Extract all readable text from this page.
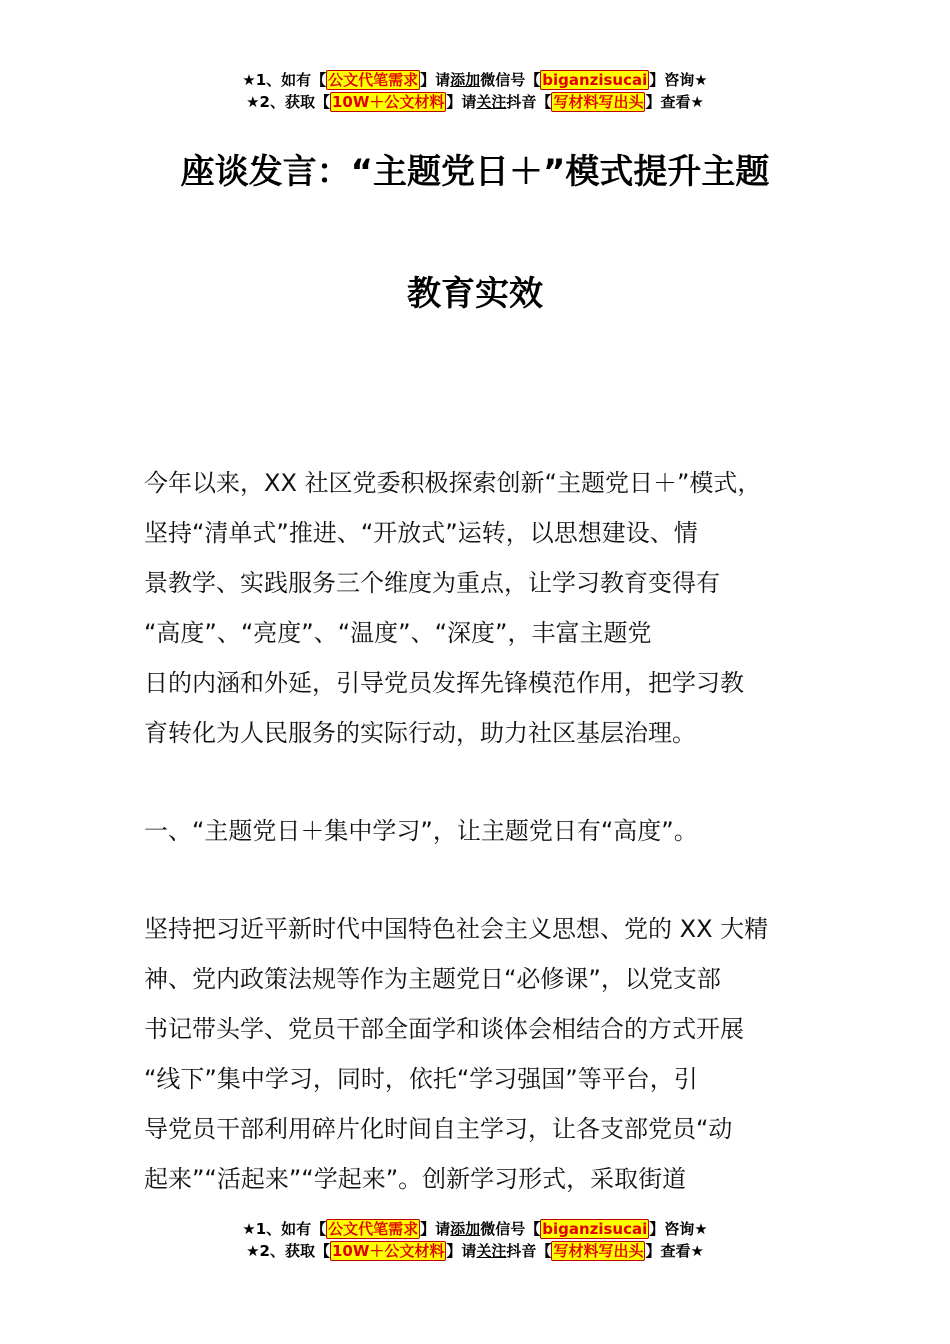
★1、如有【 公文代笔需求 】请添加微信号【 biganzisucai 】咨询★
★2、获取【 10W＋公文材料 】请关注抖音【 写材料写出头 】查看★
座谈发言：“主题党日＋”模式提升主题
教育实效
今年以来，XX 社区党委积极探索创新“主题党日＋”模式，
坚持“清单式”推进、“开放式”运转，以思想建设、情
景教学、实践服务三个维度为重点，让学习教育变得有
“高度”、“亮度”、“温度”、“深度”，丰富主题党
日的内涵和外延，引导党员发挥先锋模范作用，把学习教
育转化为人民服务的实际行动，助力社区基层治理。
一、“主题党日＋集中学习”，让主题党日有“高度”。
坚持把习近平新时代中国特色社会主义思想、党的 XX 大精
神、党内政策法规等作为主题党日“必修课”，以党支部
书记带头学、党员干部全面学和谈体会相结合的方式开展
“线下”集中学习，同时，依托“学习强国”等平台，引
导党员干部利用碎片化时间自主学习，让各支部党员“动
起来”“活起来”“学起来”。创新学习形式，采取街道
★1、如有【 公文代笔需求 】请添加微信号【 biganzisucai 】咨询★
★2、获取【 10W＋公文材料 】请关注抖音【 写材料写出头 】查看★
